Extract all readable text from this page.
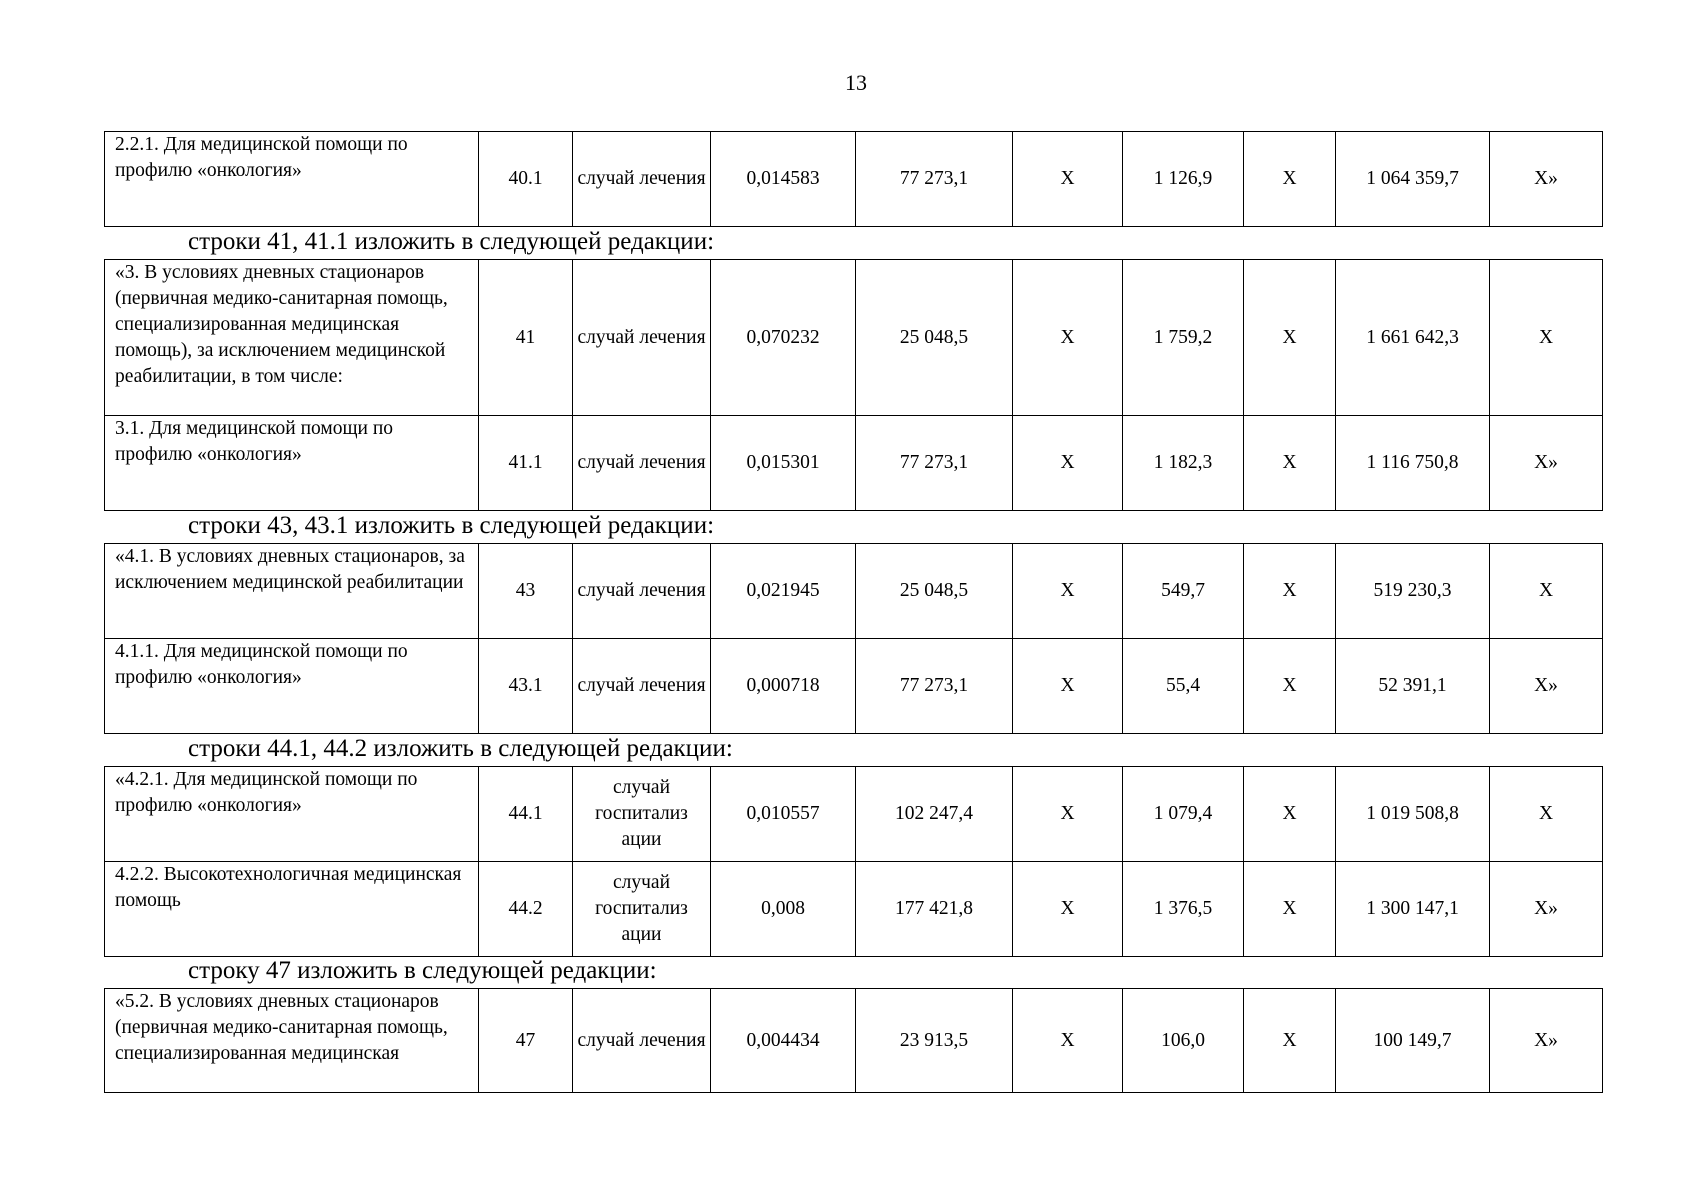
13
2.2.1. Для медицинской помощи по профилю «онкология»	40.1	случай лечения	0,014583	77 273,1	Х	1 126,9	Х	1 064 359,7	Х»
строки 41, 41.1 изложить в следующей редакции:
«3. В условиях дневных стационаров (первичная медико-санитарная помощь, специализированная медицинская помощь), за исключением медицинской реабилитации, в том числе:	41	случай лечения	0,070232	25 048,5	Х	1 759,2	Х	1 661 642,3	Х
3.1. Для медицинской помощи по профилю «онкология»	41.1	случай лечения	0,015301	77 273,1	Х	1 182,3	Х	1 116 750,8	Х»
строки 43, 43.1 изложить в следующей редакции:
«4.1. В условиях дневных стационаров, за исключением медицинской реабилитации	43	случай лечения	0,021945	25 048,5	Х	549,7	Х	519 230,3	Х
4.1.1. Для медицинской помощи по профилю «онкология»	43.1	случай лечения	0,000718	77 273,1	Х	55,4	Х	52 391,1	Х»
строки 44.1, 44.2 изложить в следующей редакции:
«4.2.1. Для медицинской помощи по профилю «онкология»	44.1	случай госпитализ ации	0,010557	102 247,4	Х	1 079,4	Х	1 019 508,8	Х
4.2.2. Высокотехнологичная медицинская помощь	44.2	случай госпитализ ации	0,008	177 421,8	Х	1 376,5	Х	1 300 147,1	Х»
строку 47 изложить в следующей редакции:
«5.2. В условиях дневных стационаров (первичная медико-санитарная помощь, специализированная медицинская	47	случай лечения	0,004434	23 913,5	Х	106,0	Х	100 149,7	Х»
